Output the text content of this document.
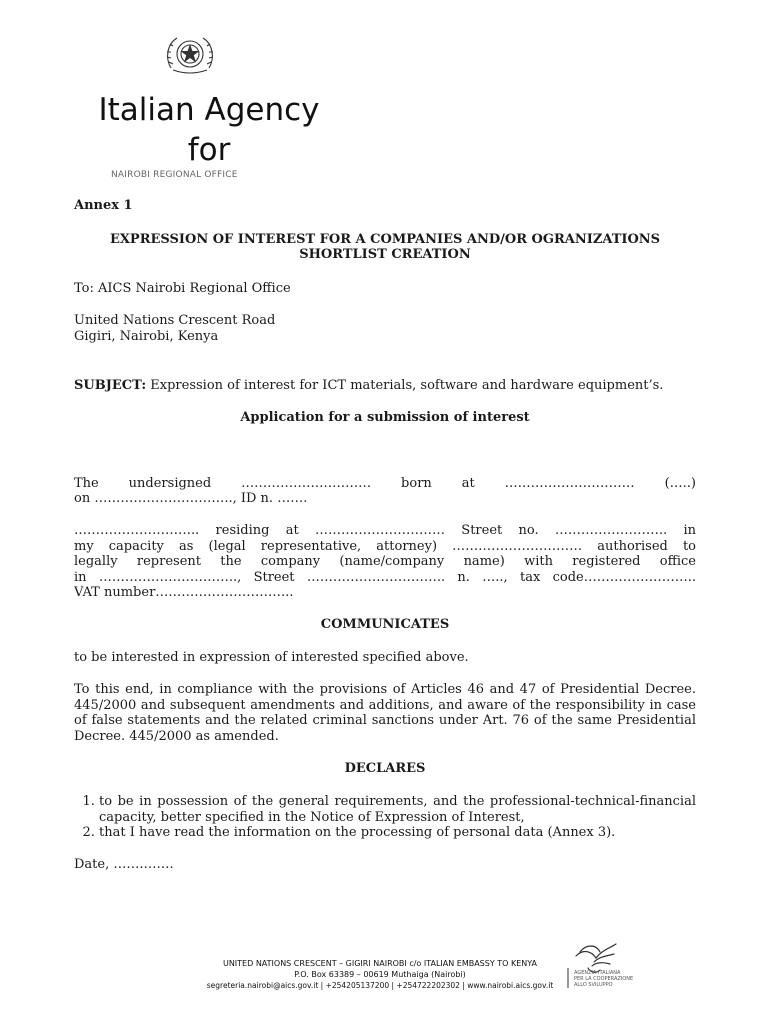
Italian Agency
for
NAIROBI REGIONAL OFFICE

Annex 1

EXPRESSION OF INTEREST FOR A COMPANIES AND/OR OGRANIZATIONS SHORTLIST CREATION

To: AICS Nairobi Regional Office

United Nations Crescent Road
Gigiri, Nairobi, Kenya

SUBJECT: Expression of interest for ICT materials, software and hardware equipment’s.

Application for a submission of interest

The undersigned ………………………… born at ………………………… (…..)
on ………………………….., ID n. …….
……………………….. residing at ………………………… Street no. …………………….. in
my capacity as (legal representative, attorney) ………………………… authorised to
legally represent the company (name/company name) with registered office
in ………………………….., Street ………………………….. n. ….., tax code……………………..
VAT number…………………………..

COMMUNICATES

to be interested in expression of interested specified above.

To this end, in compliance with the provisions of Articles 46 and 47 of Presidential Decree. 445/2000 and subsequent amendments and additions, and aware of the responsibility in case of false statements and the related criminal sanctions under Art. 76 of the same Presidential Decree. 445/2000 as amended.

DECLARES

1. to be in possession of the general requirements, and the professional-technical-financial capacity, better specified in the Notice of Expression of Interest,
2. that I have read the information on the processing of personal data (Annex 3).

Date, …….…….

UNITED NATIONS CRESCENT – GIGIRI NAIROBI c/o ITALIAN EMBASSY TO KENYA
P.O. Box 63389 – 00619 Muthaiga (Nairobi)
segreteria.nairobi@aics.gov.it | +254205137200 | +254722202302 | www.nairobi.aics.gov.it
AGENZIA ITALIANA
PER LA COOPERAZIONE
ALLO SVILUPPO
